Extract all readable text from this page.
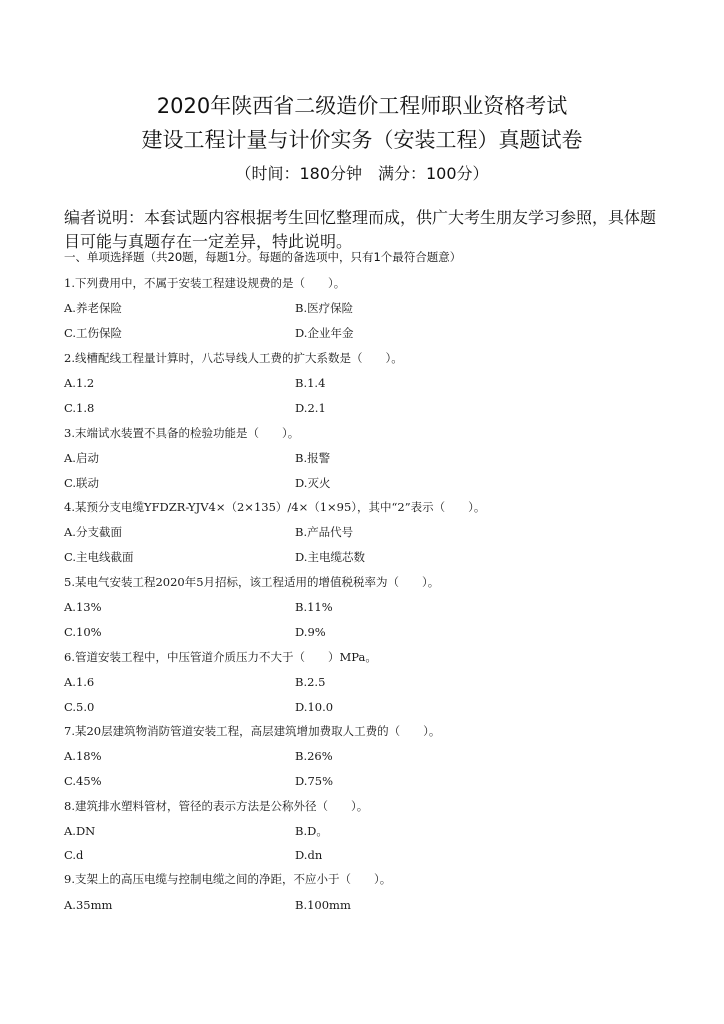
2020年陕西省二级造价工程师职业资格考试
建设工程计量与计价实务（安装工程）真题试卷
（时间：180分钟　满分：100分）
编者说明：本套试题内容根据考生回忆整理而成，供广大考生朋友学习参照，具体题目可能与真题存在一定差异，特此说明。
一、单项选择题（共20题，每题1分。每题的备选项中，只有1个最符合题意）
1.下列费用中，不属于安装工程建设规费的是（　　）。
A.养老保险	B.医疗保险
C.工伤保险	D.企业年金
2.线槽配线工程量计算时，八芯导线人工费的扩大系数是（　　）。
A.1.2	B.1.4
C.1.8	D.2.1
3.末端试水装置不具备的检验功能是（　　）。
A.启动	B.报警
C.联动	D.灭火
4.某预分支电缆YFDZR-YJV4×（2×135）/4×（1×95），其中“2”表示（　　）。
A.分支截面	B.产品代号
C.主电线截面	D.主电缆芯数
5.某电气安装工程2020年5月招标，该工程适用的增值税税率为（　　）。
A.13%	B.11%
C.10%	D.9%
6.管道安装工程中，中压管道介质压力不大于（　　）MPa。
A.1.6	B.2.5
C.5.0	D.10.0
7.某20层建筑物消防管道安装工程，高层建筑增加费取人工费的（　　）。
A.18%	B.26%
C.45%	D.75%
8.建筑排水塑料管材，管径的表示方法是公称外径（　　）。
A.DN	B.D。
C.d	D.dn
9.支架上的高压电缆与控制电缆之间的净距，不应小于（　　）。
A.35mm	B.100mm
